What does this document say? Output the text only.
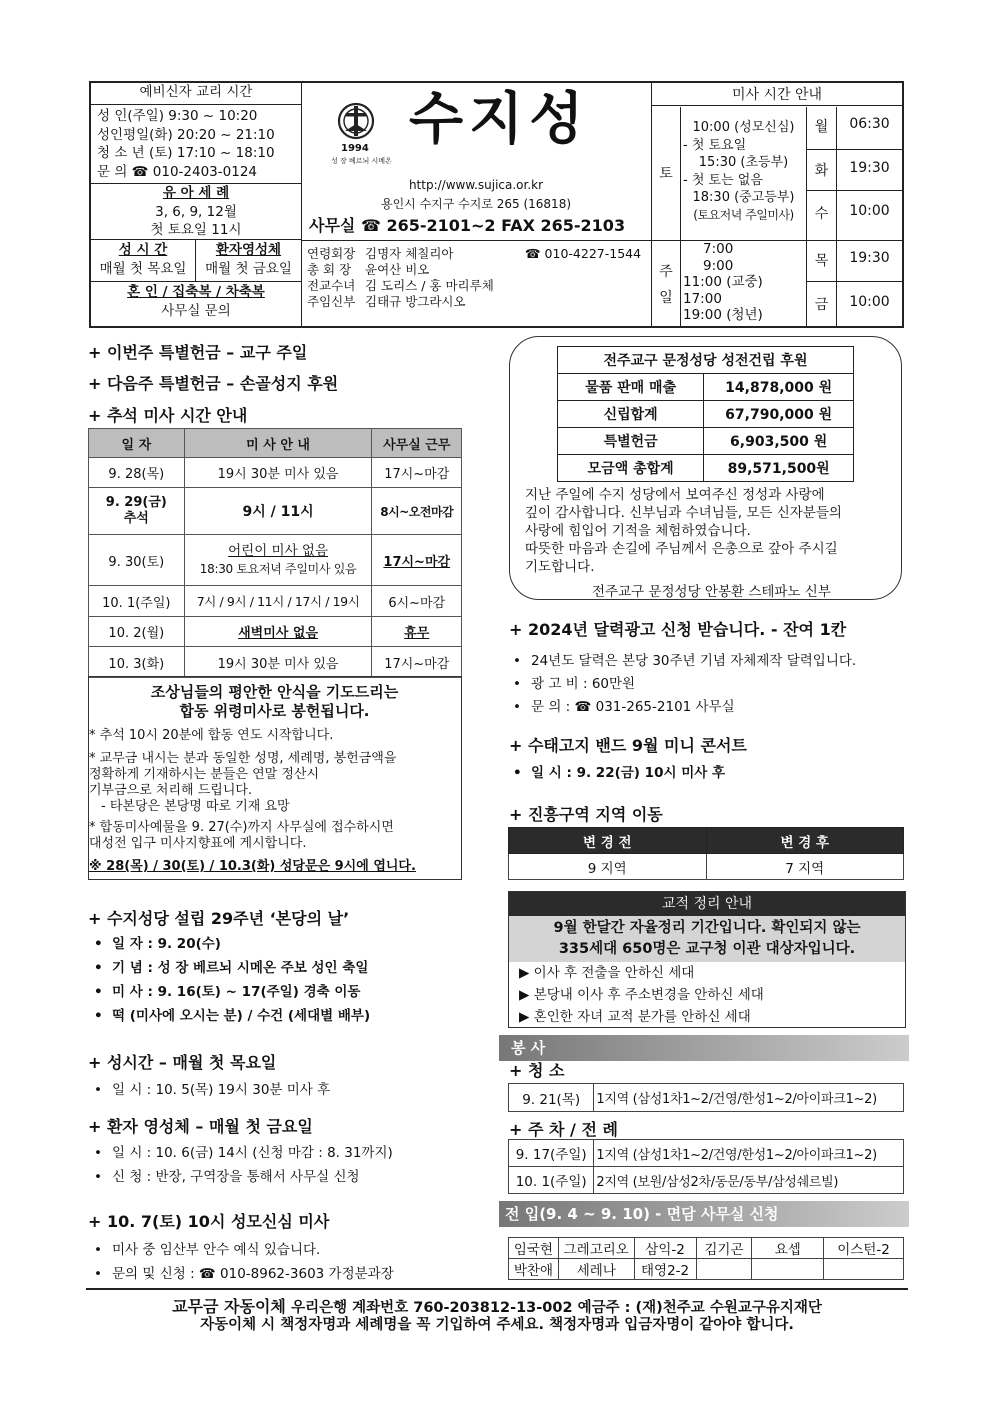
예비신자 교리 시간
성 인(주일) 9:30 ~ 10:20
성인평일(화) 20:20 ~ 21:10
청 소 년 (토) 17:10 ~ 18:10
문 의 ☎ 010-2403-0124
유 아 세 례
3, 6, 9, 12월
첫 토요일 11시
성 시 간
매월 첫 목요일
환자영성체
매월 첫 금요일
혼 인 / 집축복 / 차축복
사무실 문의
1994
성 장 베르뇌 시메온
수지성
http://www.sujica.or.kr
용인시 수지구 수지로 265 (16818)
사무실 ☎ 265-2101~2 FAX 265-2103
연령회장 김명자 체칠리아	☎ 010-4227-1544
총 회 장 윤여산 비오
전교수녀 김 도리스 / 홍 마리루체
주임신부 김태규 방그라시오
미사 시간 안내
토
10:00 (성모신심)
- 첫 토요일
15:30 (초등부)
- 첫 토는 없음
18:30 (중고등부)
(토요저녁 주일미사)
주
일
7:00
9:00
11:00 (교중)
17:00
19:00 (청년)
월	06:30
화	19:30
수	10:00
목	19:30
금	10:00
+ 이번주 특별헌금 – 교구 주일
+ 다음주 특별헌금 – 손골성지 후원
+ 추석 미사 시간 안내
일 자	미 사 안 내	사무실 근무
9. 28(목)	19시 30분 미사 있음	17시~마감
9. 29(금)
추석	9시 / 11시	8시~오전마감
9. 30(토)	어린이 미사 없음
18:30 토요저녁 주일미사 있음	17시~마감
10. 1(주일)	7시 / 9시 / 11시 / 17시 / 19시	6시~마감
10. 2(월)	새벽미사 없음	휴무
10. 3(화)	19시 30분 미사 있음	17시~마감
조상님들의 평안한 안식을 기도드리는
합동 위령미사로 봉헌됩니다.
* 추석 10시 20분에 합동 연도 시작합니다.
* 교무금 내시는 분과 동일한 성명, 세례명, 봉헌금액을
정확하게 기재하시는 분들은 연말 정산시
기부금으로 처리해 드립니다.
- 타본당은 본당명 따로 기재 요망
* 합동미사예물을 9. 27(수)까지 사무실에 접수하시면
대성전 입구 미사지향표에 게시합니다.
※ 28(목) / 30(토) / 10.3(화) 성당문은 9시에 엽니다.
+ 수지성당 설립 29주년 ‘본당의 날’
• 일 자 : 9. 20(수)
• 기 념 : 성 장 베르뇌 시메온 주보 성인 축일
• 미 사 : 9. 16(토) ~ 17(주일) 경축 이동
• 떡 (미사에 오시는 분) / 수건 (세대별 배부)
+ 성시간 – 매월 첫 목요일
• 일 시 : 10. 5(목) 19시 30분 미사 후
+ 환자 영성체 – 매월 첫 금요일
• 일 시 : 10. 6(금) 14시 (신청 마감 : 8. 31까지)
• 신 청 : 반장, 구역장을 통해서 사무실 신청
+ 10. 7(토) 10시 성모신심 미사
• 미사 중 임산부 안수 예식 있습니다.
• 문의 및 신청 : ☎ 010-8962-3603 가정분과장
전주교구 문정성당 성전건립 후원	
물품 판매 매출	14,878,000 원
신립합계	67,790,000 원
특별헌금	6,903,500 원
모금액 총합계	89,571,500원
지난 주일에 수지 성당에서 보여주신 정성과 사랑에
깊이 감사합니다. 신부님과 수녀님들, 모든 신자분들의
사랑에 힘입어 기적을 체험하였습니다.
따뜻한 마음과 손길에 주님께서 은총으로 갚아 주시길
기도합니다.
전주교구 문정성당 안봉환 스테파노 신부
+ 2024년 달력광고 신청 받습니다. - 잔여 1칸
• 24년도 달력은 본당 30주년 기념 자체제작 달력입니다.
• 광 고 비 : 60만원
• 문 의 : ☎ 031-265-2101 사무실
+ 수태고지 밴드 9월 미니 콘서트
• 일 시 : 9. 22(금) 10시 미사 후
+ 진흥구역 지역 이동
변 경 전	변 경 후
9 지역	7 지역
교적 정리 안내
9월 한달간 자율정리 기간입니다. 확인되지 않는
335세대 650명은 교구청 이관 대상자입니다.
▶ 이사 후 전출을 안하신 세대
▶ 본당내 이사 후 주소변경을 안하신 세대
▶ 혼인한 자녀 교적 분가를 안하신 세대
봉 사
+ 청 소
9. 21(목)	1지역 (삼성1차1~2/건영/한성1~2/아이파크1~2)
+ 주 차 / 전 례
9. 17(주일)	1지역 (삼성1차1~2/건영/한성1~2/아이파크1~2)
10. 1(주일)	2지역 (보원/삼성2차/동문/동부/삼성쉐르빌)
전 입(9. 4 ~ 9. 10) - 면담 사무실 신청
임국현	그레고리오	삼익-2	김기곤	요셉	이스턴-2
박찬애	세레나	태영2-2			
교무금 자동이체 우리은행 계좌번호 760-203812-13-002 예금주 : (재)천주교 수원교구유지재단
자동이체 시 책정자명과 세례명을 꼭 기입하여 주세요. 책정자명과 입금자명이 같아야 합니다.
